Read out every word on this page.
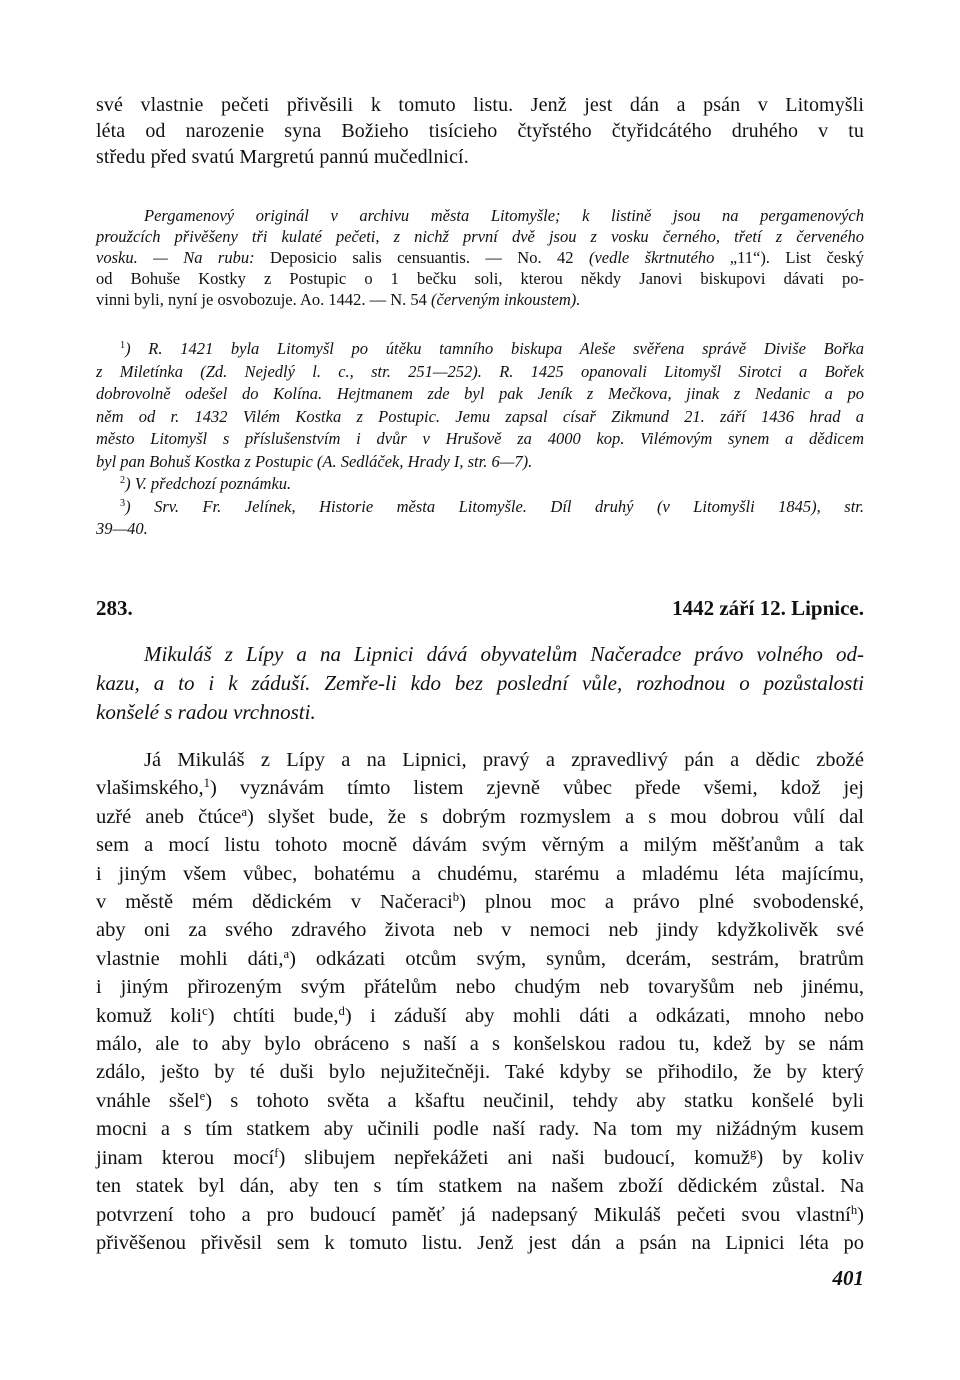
své vlastnie pečeti přivěsili k tomuto listu. Jenž jest dán a psán v Litomyšli
léta od narozenie syna Božieho tisícieho čtyřstého čtyřidcátého druhého v tu
středu před svatú Margretú pannú mučedlnicí.
Pergamenový originál v archivu města Litomyšle; k listině jsou na pergamenových
proužcích přivěšeny tři kulaté pečeti, z nichž první dvě jsou z vosku černého, třetí z červeného
vosku. — Na rubu: Deposicio salis censuantis. — No. 42 (vedle škrtnutého „11“). List český
od Bohuše Kostky z Postupic o 1 bečku soli, kterou někdy Janovi biskupovi dávati po-
vinni byli, nyní je osvobozuje. Ao. 1442. — N. 54 (červeným inkoustem).
$^1$) R. 1421 byla Litomyšl po útěku tamního biskupa Aleše svěřena správě Diviše Bořka
z Miletínka (Zd. Nejedlý l. c., str. 251—252). R. 1425 opanovali Litomyšl Sirotci a Bořek
dobrovolně odešel do Kolína. Hejtmanem zde byl pak Jeník z Mečkova, jinak z Nedanic a po
něm od r. 1432 Vilém Kostka z Postupic. Jemu zapsal císař Zikmund 21. září 1436 hrad a
město Litomyšl s příslušenstvím i dvůr v Hrušově za 4000 kop. Vilémovým synem a dědicem
byl pan Bohuš Kostka z Postupic (A. Sedláček, Hrady I, str. 6—7).
$^2$) V. předchozí poznámku.
$^3$) Srv. Fr. Jelínek, Historie města Litomyšle. Díl druhý (v Litomyšli 1845), str.
39—40.
283.	1442 září 12. Lipnice.
Mikuláš z Lípy a na Lipnici dává obyvatelům Načeradce právo volného od-
kazu, a to i k záduší. Zemře-li kdo bez poslední vůle, rozhodnou o pozůstalosti
konšelé s radou vrchnosti.
Já Mikuláš z Lípy a na Lipnici, pravý a zpravedlivý pán a dědic zbožé
vlašimského,$^1$) vyznávám tímto listem zjevně vůbec přede všemi, kdož jej
uzřé aneb čtúce$^a$) slyšet bude, že s dobrým rozmyslem a s mou dobrou vůlí dal
sem a mocí listu tohoto mocně dávám svým věrným a milým měšťanům a tak
i jiným všem vůbec, bohatému a chudému, starému a mladému léta majícímu,
v městě mém dědickém v Načeraci$^b$) plnou moc a právo plné svobodenské,
aby oni za svého zdravého života neb v nemoci neb jindy kdyžkolivěk své
vlastnie mohli dáti,$^a$) odkázati otcům svým, synům, dcerám, sestrám, bratrům
i jiným přirozeným svým přátelům nebo chudým neb tovaryšům neb jinému,
komuž koli$^c$) chtíti bude,$^d$) i záduší aby mohli dáti a odkázati, mnoho nebo
málo, ale to aby bylo obráceno s naší a s konšelskou radou tu, kdež by se nám
zdálo, ješto by té duši bylo nejužitečněji. Také kdyby se přihodilo, že by který
vnáhle sšel$^e$) s tohoto světa a kšaftu neučinil, tehdy aby statku konšelé byli
mocni a s tím statkem aby učinili podle naší rady. Na tom my nižádným kusem
jinam kterou mocí$^f$) slibujem nepřekážeti ani naši budoucí, komuž$^g$) by koliv
ten statek byl dán, aby ten s tím statkem na našem zboží dědickém zůstal. Na
potvrzení toho a pro budoucí paměť já nadepsaný Mikuláš pečeti svou vlastní$^h$)
přivěšenou přivěsil sem k tomuto listu. Jenž jest dán a psán na Lipnici léta po
401
